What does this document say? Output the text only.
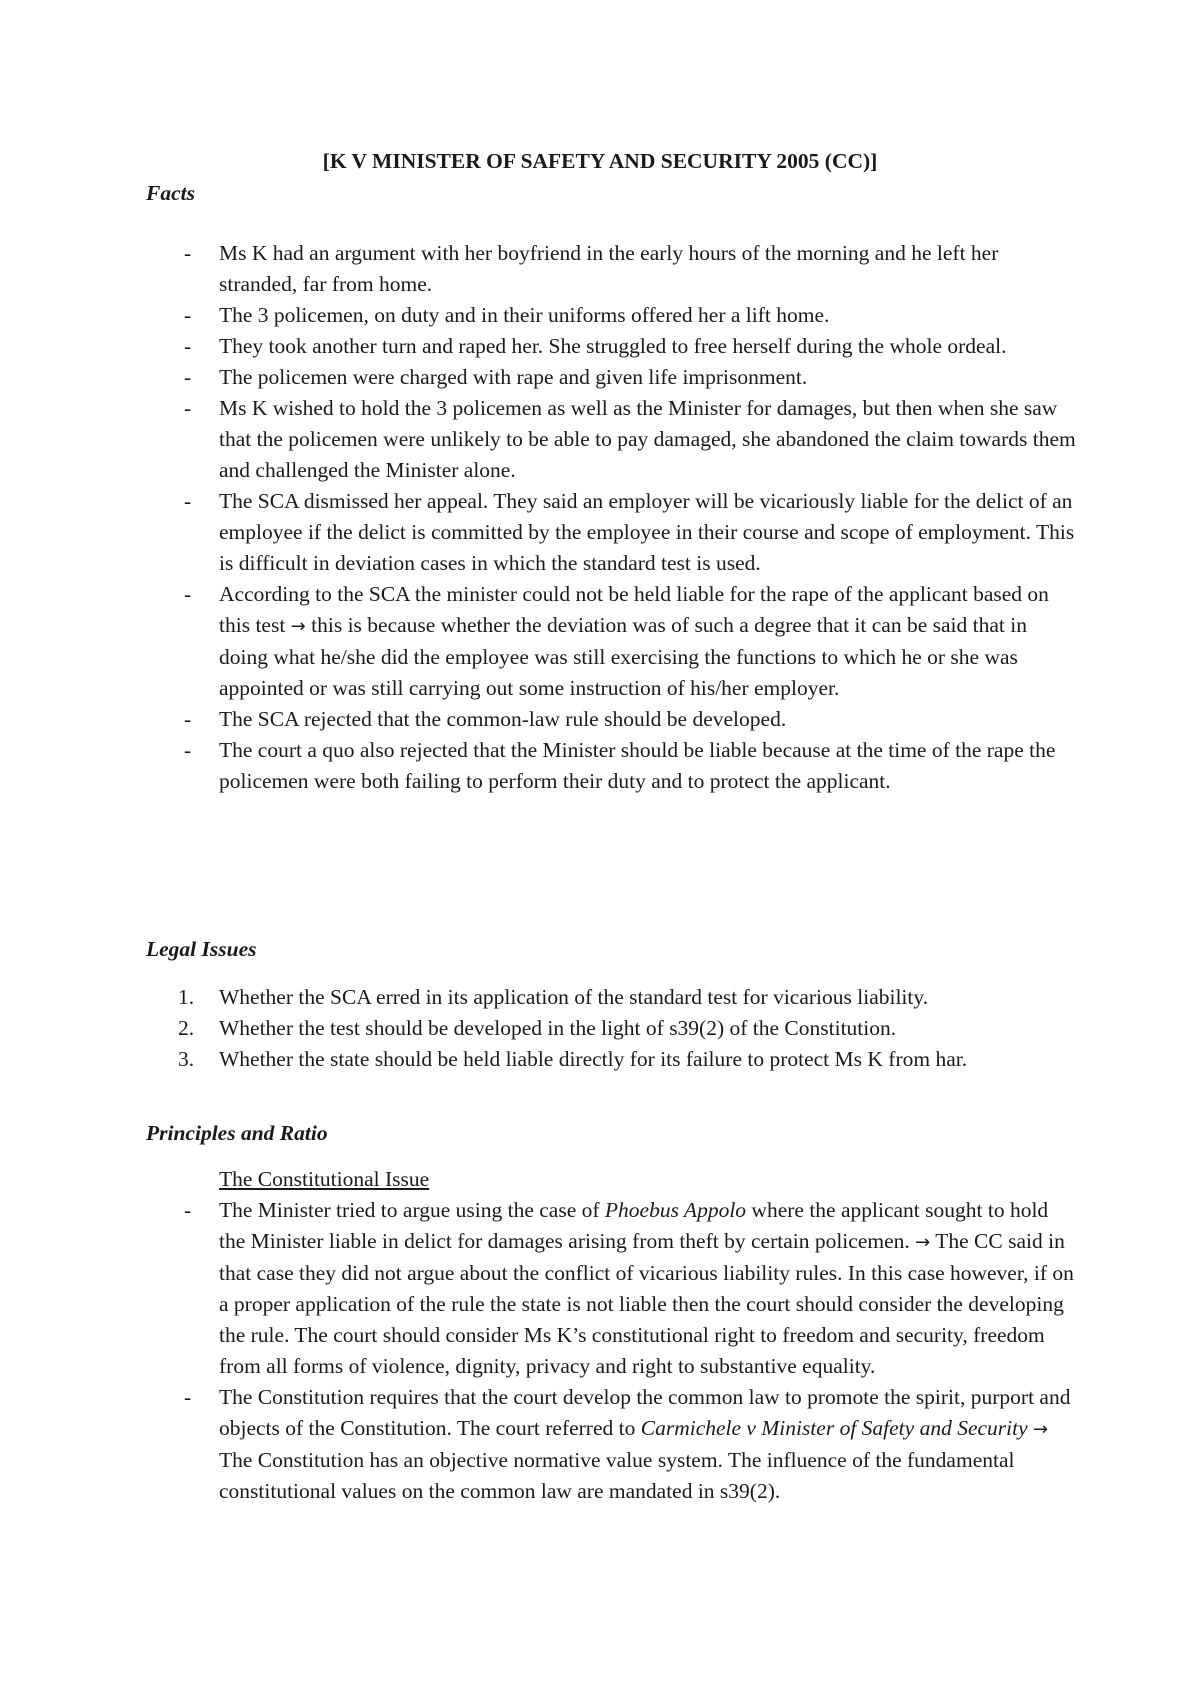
[K V MINISTER OF SAFETY AND SECURITY 2005 (CC)]
Facts
- Ms K had an argument with her boyfriend in the early hours of the morning and he left her stranded, far from home.
- The 3 policemen, on duty and in their uniforms offered her a lift home.
- They took another turn and raped her. She struggled to free herself during the whole ordeal.
- The policemen were charged with rape and given life imprisonment.
- Ms K wished to hold the 3 policemen as well as the Minister for damages, but then when she saw that the policemen were unlikely to be able to pay damaged, she abandoned the claim towards them and challenged the Minister alone.
- The SCA dismissed her appeal. They said an employer will be vicariously liable for the delict of an employee if the delict is committed by the employee in their course and scope of employment. This is difficult in deviation cases in which the standard test is used.
- According to the SCA the minister could not be held liable for the rape of the applicant based on this test → this is because whether the deviation was of such a degree that it can be said that in doing what he/she did the employee was still exercising the functions to which he or she was appointed or was still carrying out some instruction of his/her employer.
- The SCA rejected that the common-law rule should be developed.
- The court a quo also rejected that the Minister should be liable because at the time of the rape the policemen were both failing to perform their duty and to protect the applicant.
Legal Issues
1. Whether the SCA erred in its application of the standard test for vicarious liability.
2. Whether the test should be developed in the light of s39(2) of the Constitution.
3. Whether the state should be held liable directly for its failure to protect Ms K from har.
Principles and Ratio
The Constitutional Issue
- The Minister tried to argue using the case of Phoebus Appolo where the applicant sought to hold the Minister liable in delict for damages arising from theft by certain policemen. → The CC said in that case they did not argue about the conflict of vicarious liability rules. In this case however, if on a proper application of the rule the state is not liable then the court should consider the developing the rule. The court should consider Ms K’s constitutional right to freedom and security, freedom from all forms of violence, dignity, privacy and right to substantive equality.
- The Constitution requires that the court develop the common law to promote the spirit, purport and objects of the Constitution. The court referred to Carmichele v Minister of Safety and Security → The Constitution has an objective normative value system. The influence of the fundamental constitutional values on the common law are mandated in s39(2).
